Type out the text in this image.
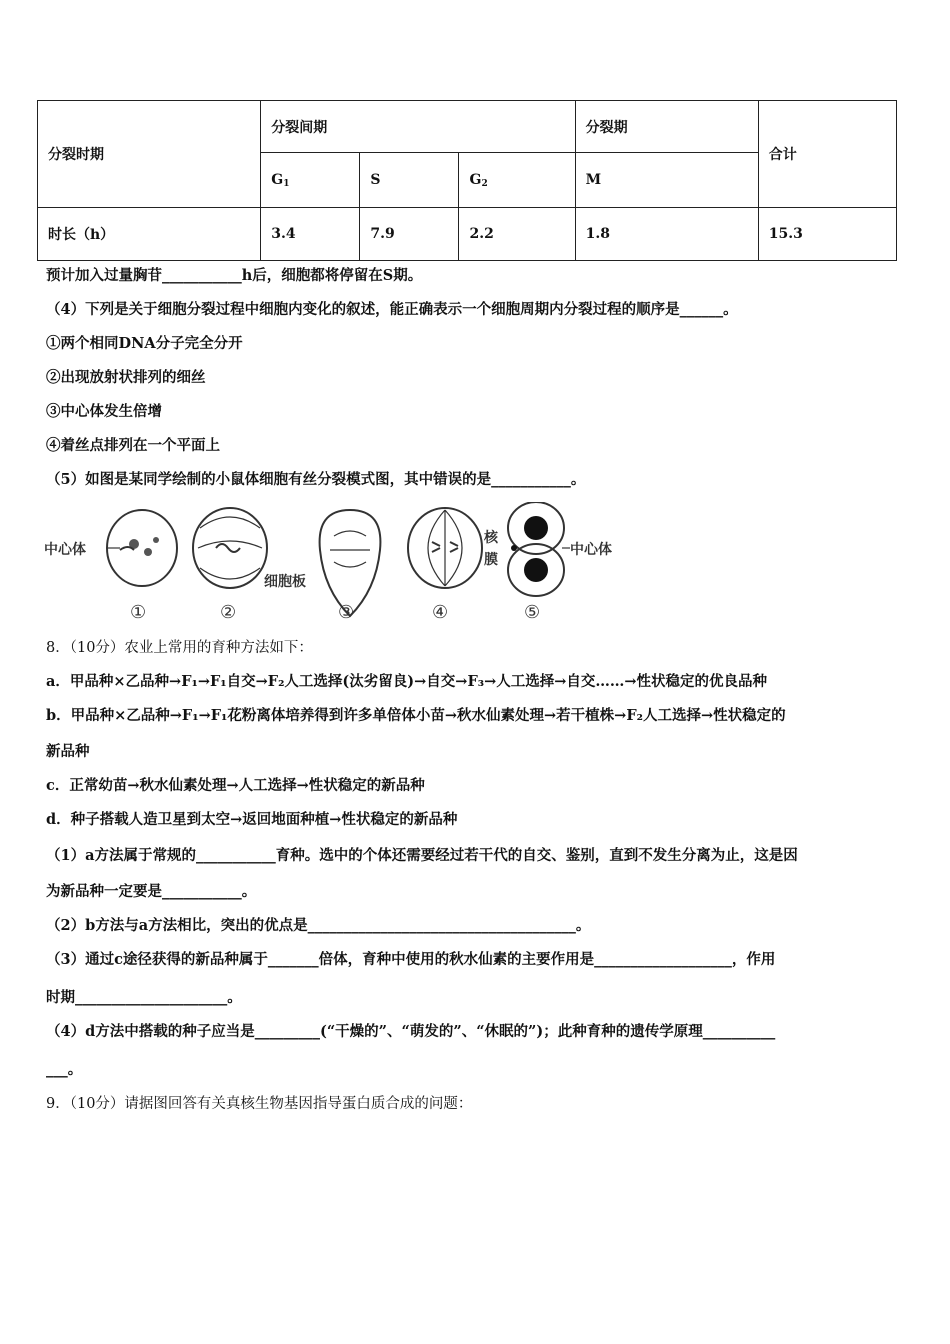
分裂时期	分裂间期			分裂期	合计
	$G_1$	S	$G_2$	M	
时长（h）	3.4	7.9	2.2	1.8	15.3
预计加入过量胸苷___________h后，细胞都将停留在S期。
（4）下列是关于细胞分裂过程中细胞内变化的叙述，能正确表示一个细胞周期内分裂过程的顺序是______。
①两个相同DNA分子完全分开
②出现放射状排列的细丝
③中心体发生倍增
④着丝点排列在一个平面上
（5）如图是某同学绘制的小鼠体细胞有丝分裂模式图，其中错误的是___________。
中心体
细胞板
核
膜
中心体
①	②	③	④	⑤
8．（10分）农业上常用的育种方法如下：
a．甲品种×乙品种→F₁→F₁自交→F₂人工选择(汰劣留良)→自交→F₃→人工选择→自交……→性状稳定的优良品种
b．甲品种×乙品种→F₁→F₁花粉离体培养得到许多单倍体小苗→秋水仙素处理→若干植株→F₂人工选择→性状稳定的
新品种
c．正常幼苗→秋水仙素处理→人工选择→性状稳定的新品种
d．种子搭载人造卫星到太空→返回地面种植→性状稳定的新品种
（1）a方法属于常规的___________育种。选中的个体还需要经过若干代的自交、鉴别，直到不发生分离为止，这是因
为新品种一定要是___________。
（2）b方法与a方法相比，突出的优点是_____________________________________。
（3）通过c途径获得的新品种属于_______倍体，育种中使用的秋水仙素的主要作用是___________________，作用
时期_____________________。
（4）d方法中搭载的种子应当是_________(“干燥的”、“萌发的”、“休眠的”)；此种育种的遗传学原理__________
___。
9．（10分）请据图回答有关真核生物基因指导蛋白质合成的问题：
